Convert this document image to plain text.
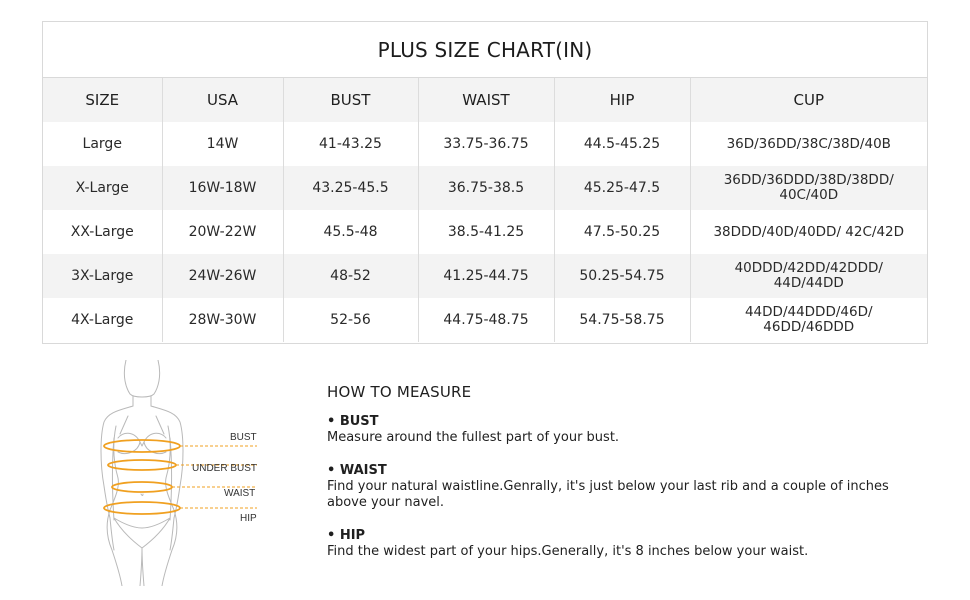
PLUS SIZE CHART(IN)
SIZE	USA	BUST	WAIST	HIP	CUP
Large	14W	41-43.25	33.75-36.75	44.5-45.25	36D/36DD/38C/38D/40B
X-Large	16W-18W	43.25-45.5	36.75-38.5	45.25-47.5	36DD/36DDD/38D/38DD/ 40C/40D
XX-Large	20W-22W	45.5-48	38.5-41.25	47.5-50.25	38DDD/40D/40DD/ 42C/42D
3X-Large	24W-26W	48-52	41.25-44.75	50.25-54.75	40DDD/42DD/42DDD/ 44D/44DD
4X-Large	28W-30W	52-56	44.75-48.75	54.75-58.75	44DD/44DDD/46D/ 46DD/46DDD
BUST
UNDER BUST
WAIST
HIP
HOW TO MEASURE
• BUST
Measure around the fullest part of your bust.
• WAIST
Find your natural waistline.Genrally, it's just below your last rib and a couple of inches above your navel.
• HIP
Find the widest part of your hips.Generally, it's 8 inches below your waist.
